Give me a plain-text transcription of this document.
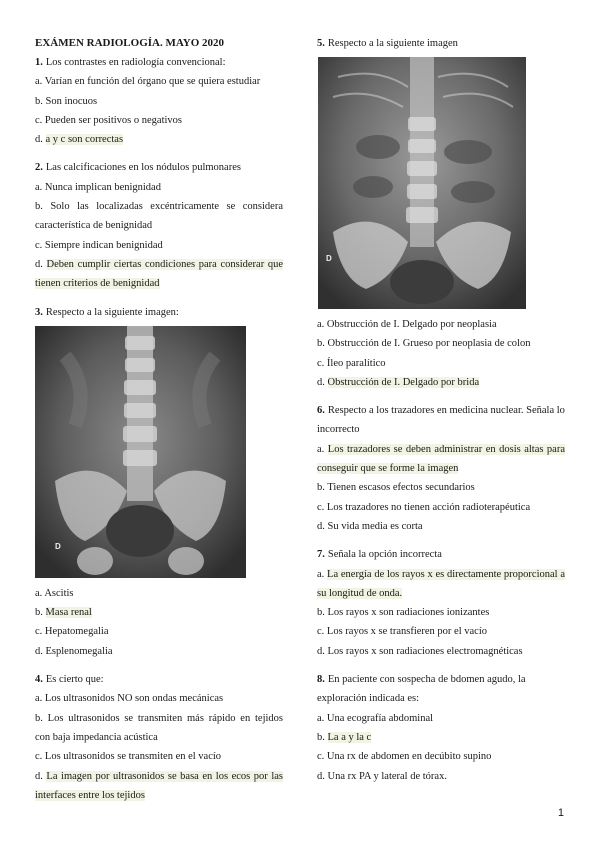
EXÁMEN RADIOLOGÍA. MAYO 2020
1. Los contrastes en radiología convencional:
a. Varían en función del órgano que se quiera estudiar
b. Son inocuos
c. Pueden ser positivos o negativos
d. a y c son correctas
2. Las calcificaciones en los nódulos pulmonares
a. Nunca implican benignidad
b. Solo las localizadas excéntricamente se considera característica de benignidad
c. Siempre indican benignidad
d. Deben cumplir ciertas condiciones para considerar que tienen criterios de benignidad
3. Respecto a la siguiente imagen:
D
a. Ascitis
b. Masa renal
c. Hepatomegalia
d. Esplenomegalia
4. Es cierto que:
a. Los ultrasonidos NO son ondas mecánicas
b. Los ultrasonidos se transmiten más rápido en tejidos con baja impedancia acústica
c. Los ultrasonidos se transmiten en el vacío
d. La imagen por ultrasonidos se basa en los ecos por las interfaces entre los tejidos
5. Respecto a la siguiente imagen
D
a. Obstrucción de I. Delgado por neoplasia
b. Obstrucción de I. Grueso por neoplasia de colon
c. Íleo paralítico
d. Obstrucción de I. Delgado por brida
6. Respecto a los trazadores en medicina nuclear. Señala lo incorrecto
a. Los trazadores se deben administrar en dosis altas para conseguir que se forme la imagen
b. Tienen escasos efectos secundarios
c. Los trazadores no tienen acción radioterapéutica
d. Su vida media es corta
7. Señala la opción incorrecta
a. La energía de los rayos x es directamente proporcional a su longitud de onda.
b. Los rayos x son radiaciones ionizantes
c. Los rayos x se transfieren por el vacío
d. Los rayos x son radiaciones electromagnéticas
8. En paciente con sospecha de bdomen agudo, la exploración indicada es:
a. Una ecografía abdominal
b. La a y la c
c. Una rx de abdomen en decúbito supino
d. Una rx PA y lateral de tórax.
1
